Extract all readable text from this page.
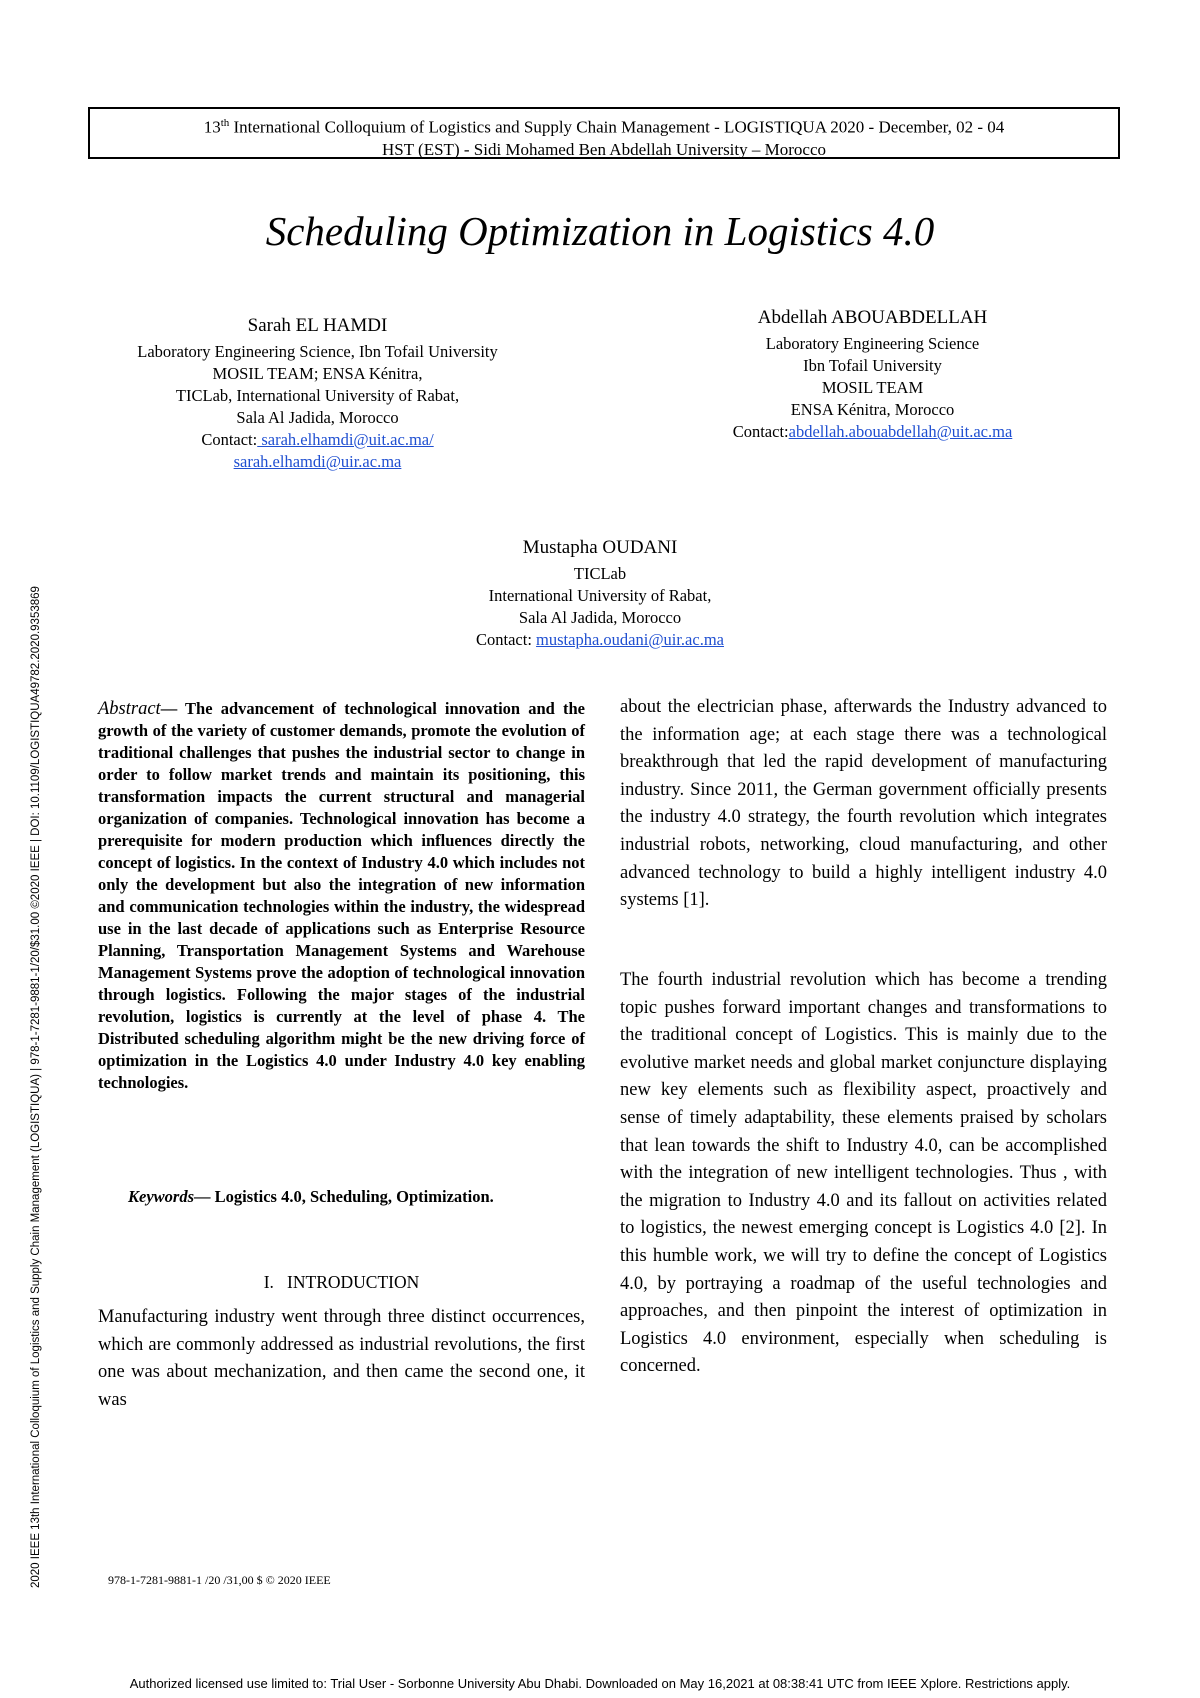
13th International Colloquium of Logistics and Supply Chain Management - LOGISTIQUA 2020 - December, 02 - 04
HST (EST) - Sidi Mohamed Ben Abdellah University – Morocco
Scheduling Optimization in Logistics 4.0
Sarah EL HAMDI
Laboratory Engineering Science, Ibn Tofail University
MOSIL TEAM; ENSA Kénitra,
TICLab, International University of Rabat,
Sala Al Jadida, Morocco
Contact: sarah.elhamdi@uit.ac.ma/
sarah.elhamdi@uir.ac.ma
Abdellah ABOUABDELLAH
Laboratory Engineering Science
Ibn Tofail University
MOSIL TEAM
ENSA Kénitra, Morocco
Contact:abdellah.abouabdellah@uit.ac.ma
Mustapha OUDANI
TICLab
International University of Rabat,
Sala Al Jadida, Morocco
Contact: mustapha.oudani@uir.ac.ma
2020 IEEE 13th International Colloquium of Logistics and Supply Chain Management (LOGISTIQUA) | 978-1-7281-9881-1/20/$31.00 ©2020 IEEE | DOI: 10.1109/LOGISTIQUA49782.2020.9353869	Abstract— The advancement of technological innovation and the growth of the variety of customer demands, promote the evolution of traditional challenges that pushes the industrial sector to change in order to follow market trends and maintain its positioning, this transformation impacts the current structural and managerial organization of companies. Technological innovation has become a prerequisite for modern production which influences directly the concept of logistics. In the context of Industry 4.0 which includes not only the development but also the integration of new information and communication technologies within the industry, the widespread use in the last decade of applications such as Enterprise Resource Planning, Transportation Management Systems and Warehouse Management Systems prove the adoption of technological innovation through logistics. Following the major stages of the industrial revolution, logistics is currently at the level of phase 4. The Distributed scheduling algorithm might be the new driving force of optimization in the Logistics 4.0 under Industry 4.0 key enabling technologies.
Keywords— Logistics 4.0, Scheduling, Optimization.
I. INTRODUCTION

Manufacturing industry went through three distinct occurrences, which are commonly addressed as industrial revolutions, the first one was about mechanization, and then came the second one, it was

about the electrician phase, afterwards the Industry advanced to the information age; at each stage there was a technological breakthrough that led the rapid development of manufacturing industry. Since 2011, the German government officially presents the industry 4.0 strategy, the fourth revolution which integrates industrial robots, networking, cloud manufacturing, and other advanced technology to build a highly intelligent industry 4.0 systems [1].

The fourth industrial revolution which has become a trending topic pushes forward important changes and transformations to the traditional concept of Logistics. This is mainly due to the evolutive market needs and global market conjuncture displaying new key elements such as flexibility aspect, proactively and sense of timely adaptability, these elements praised by scholars that lean towards the shift to Industry 4.0, can be accomplished with the integration of new intelligent technologies. Thus , with the migration to Industry 4.0 and its fallout on activities related to logistics, the newest emerging concept is Logistics 4.0 [2]. In this humble work, we will try to define the concept of Logistics 4.0, by portraying a roadmap of the useful technologies and approaches, and then pinpoint the interest of optimization in Logistics 4.0 environment, especially when scheduling is concerned.

978-1-7281-9881-1 /20 /31,00 $ © 2020 IEEE
Authorized licensed use limited to: Trial User - Sorbonne University Abu Dhabi. Downloaded on May 16,2021 at 08:38:41 UTC from IEEE Xplore. Restrictions apply.
